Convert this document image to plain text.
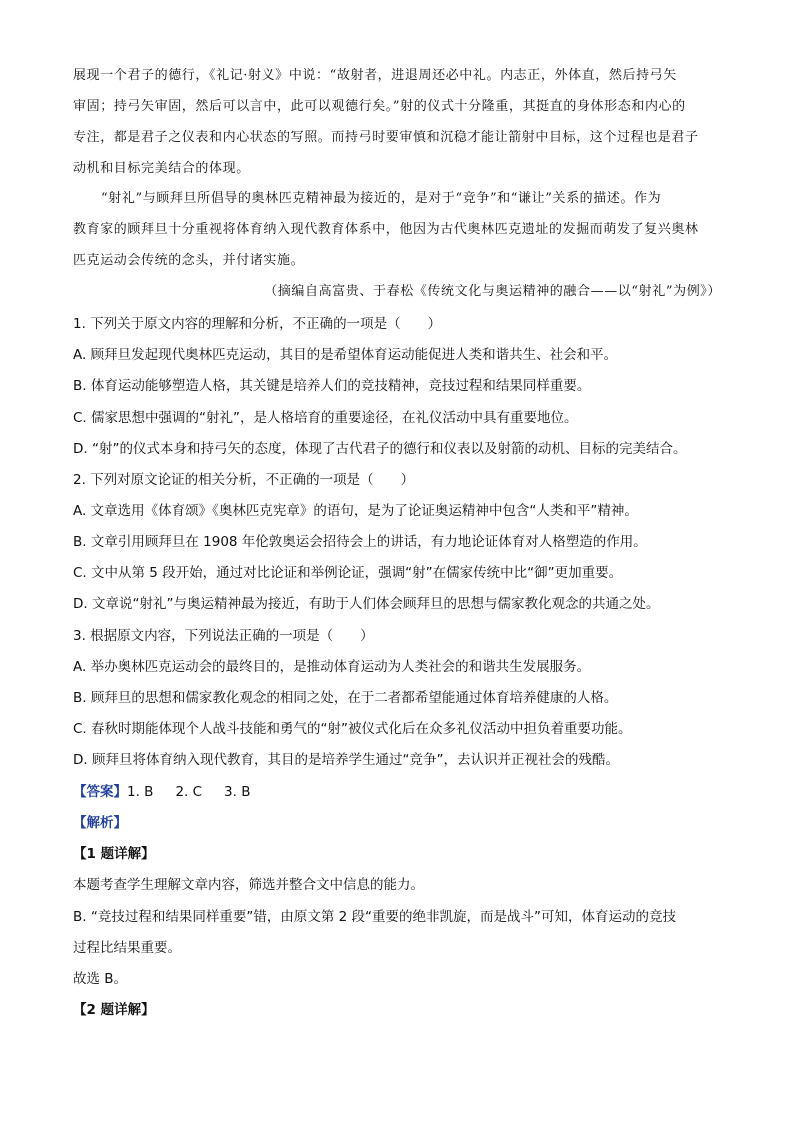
展现一个君子的德行，《礼记·射义》中说：“故射者，进退周还必中礼。内志正，外体直，然后持弓矢
审固；持弓矢审固，然后可以言中，此可以观德行矣。”射的仪式十分隆重，其挺直的身体形态和内心的
专注，都是君子之仪表和内心状态的写照。而持弓时要审慎和沉稳才能让箭射中目标，这个过程也是君子
动机和目标完美结合的体现。
“射礼”与顾拜旦所倡导的奥林匹克精神最为接近的，是对于“竞争”和“谦让”关系的描述。作为
教育家的顾拜旦十分重视将体育纳入现代教育体系中，他因为古代奥林匹克遗址的发掘而萌发了复兴奥林
匹克运动会传统的念头，并付诸实施。
（摘编自高富贵、于春松《传统文化与奥运精神的融合——以“射礼”为例》）
1. 下列关于原文内容的理解和分析，不正确的一项是（　　）
A. 顾拜旦发起现代奥林匹克运动，其目的是希望体育运动能促进人类和谐共生、社会和平。
B. 体育运动能够塑造人格，其关键是培养人们的竞技精神，竞技过程和结果同样重要。
C. 儒家思想中强调的“射礼”，是人格培育的重要途径，在礼仪活动中具有重要地位。
D. “射”的仪式本身和持弓矢的态度，体现了古代君子的德行和仪表以及射箭的动机、目标的完美结合。
2. 下列对原文论证的相关分析，不正确的一项是（　　）
A. 文章选用《体育颂》《奥林匹克宪章》的语句，是为了论证奥运精神中包含“人类和平”精神。
B. 文章引用顾拜旦在 1908 年伦敦奥运会招待会上的讲话，有力地论证体育对人格塑造的作用。
C. 文中从第 5 段开始，通过对比论证和举例论证，强调“射”在儒家传统中比“御”更加重要。
D. 文章说“射礼”与奥运精神最为接近，有助于人们体会顾拜旦的思想与儒家教化观念的共通之处。
3. 根据原文内容，下列说法正确的一项是（　　）
A. 举办奥林匹克运动会的最终目的，是推动体育运动为人类社会的和谐共生发展服务。
B. 顾拜旦的思想和儒家教化观念的相同之处，在于二者都希望能通过体育培养健康的人格。
C. 春秋时期能体现个人战斗技能和勇气的“射”被仪式化后在众多礼仪活动中担负着重要功能。
D. 顾拜旦将体育纳入现代教育，其目的是培养学生通过“竞争”，去认识并正视社会的残酷。
【答案】1. B 2. C 3. B
【解析】
【1 题详解】
本题考查学生理解文章内容，筛选并整合文中信息的能力。
B. “竞技过程和结果同样重要”错，由原文第 2 段“重要的绝非凯旋，而是战斗”可知，体育运动的竞技
过程比结果重要。
故选 B。
【2 题详解】
